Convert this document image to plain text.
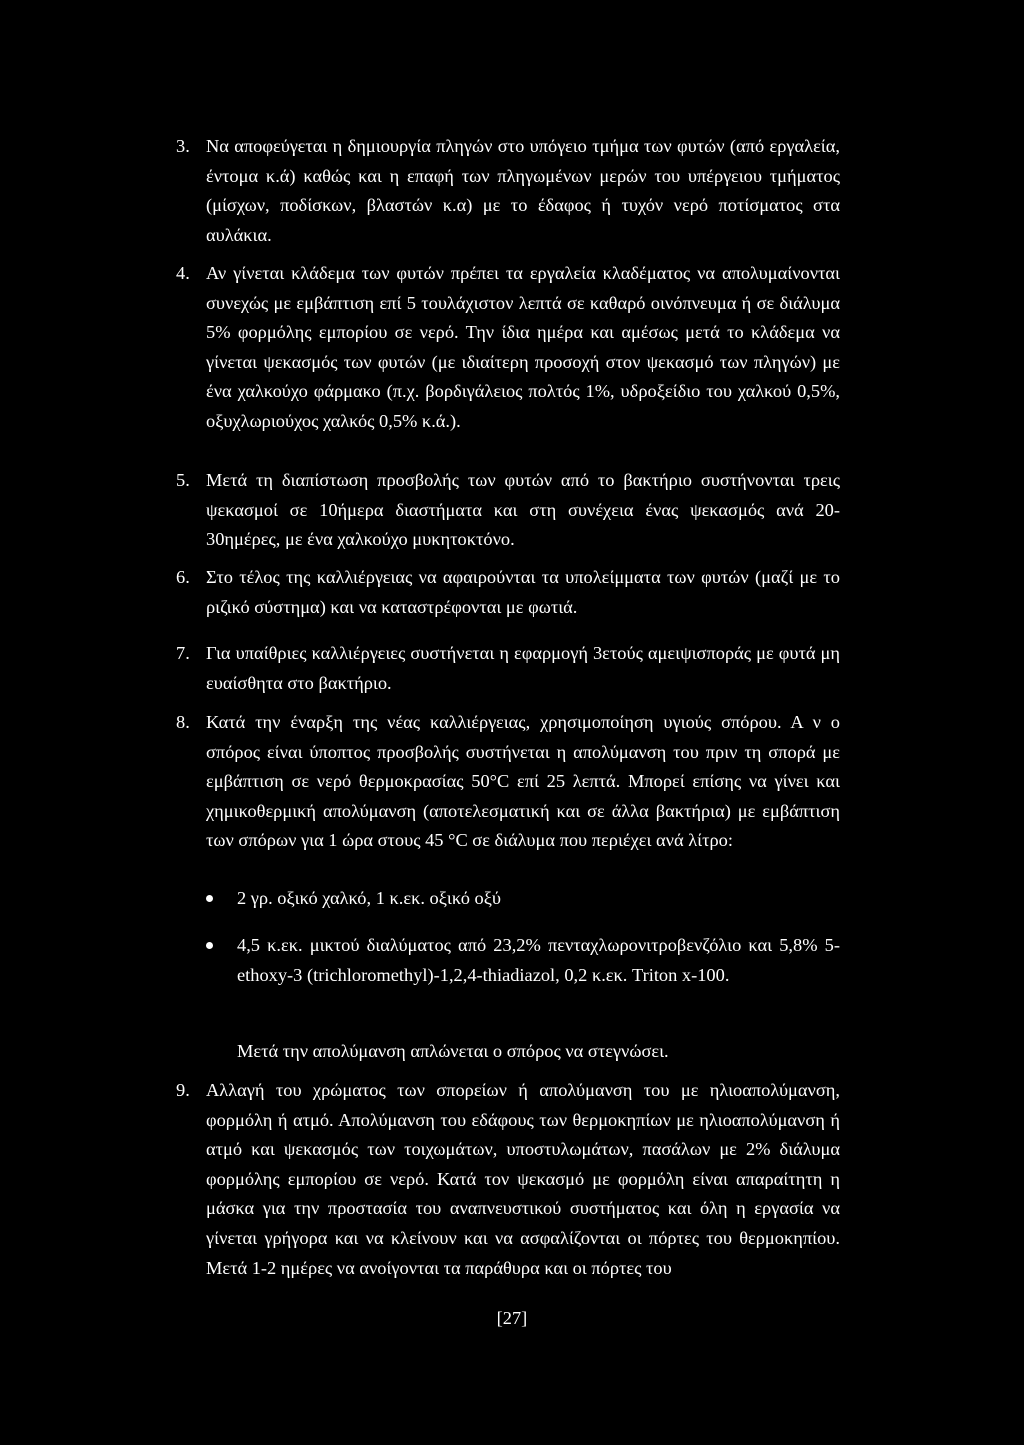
3. Να αποφεύγεται η δημιουργία πληγών στο υπόγειο τμήμα των φυτών (από εργαλεία, έντομα κ.ά) καθώς και η επαφή των πληγωμένων μερών του υπέργειου τμήματος (μίσχων, ποδίσκων, βλαστών κ.α) με το έδαφος ή τυχόν νερό ποτίσματος στα αυλάκια.
4. Αν γίνεται κλάδεμα των φυτών πρέπει τα εργαλεία κλαδέματος να απολυμαίνονται συνεχώς με εμβάπτιση επί 5 τουλάχιστον λεπτά σε καθαρό οινόπνευμα ή σε διάλυμα 5% φορμόλης εμπορίου σε νερό. Την ίδια ημέρα και αμέσως μετά το κλάδεμα να γίνεται ψεκασμός των φυτών (με ιδιαίτερη προσοχή στον ψεκασμό των πληγών) με ένα χαλκούχο φάρμακο (π.χ. βορδιγάλειος πολτός 1%, υδροξείδιο του χαλκού 0,5%, οξυχλωριούχος χαλκός 0,5% κ.ά.).
5. Μετά τη διαπίστωση προσβολής των φυτών από το βακτήριο συστήνονται τρεις ψεκασμοί σε 10ήμερα διαστήματα και στη συνέχεια ένας ψεκασμός ανά 20-30ημέρες, με ένα χαλκούχο μυκητοκτόνο.
6. Στο τέλος της καλλιέργειας να αφαιρούνται τα υπολείμματα των φυτών (μαζί με το ριζικό σύστημα) και να καταστρέφονται με φωτιά.
7. Για υπαίθριες καλλιέργειες συστήνεται η εφαρμογή 3ετούς αμειψισποράς με φυτά μη ευαίσθητα στο βακτήριο.
8. Κατά την έναρξη της νέας καλλιέργειας, χρησιμοποίηση υγιούς σπόρου. Α ν ο σπόρος είναι ύποπτος προσβολής συστήνεται η απολύμανση του πριν τη σπορά με εμβάπτιση σε νερό θερμοκρασίας 50°C επί 25 λεπτά. Μπορεί επίσης να γίνει και χημικοθερμική απολύμανση (αποτελεσματική και σε άλλα βακτήρια) με εμβάπτιση των σπόρων για 1 ώρα στους 45 °C σε διάλυμα που περιέχει ανά λίτρο:
2 γρ. οξικό χαλκό, 1 κ.εκ. οξικό οξύ
4,5 κ.εκ. μικτού διαλύματος από 23,2% πενταχλωρονιτροβενζόλιο και 5,8% 5-ethoxy-3 (trichloromethyl)-1,2,4-thiadiazol, 0,2 κ.εκ. Triton x-100.
Μετά την απολύμανση απλώνεται ο σπόρος να στεγνώσει.
9. Αλλαγή του χρώματος των σπορείων ή απολύμανση του με ηλιοαπολύμανση, φορμόλη ή ατμό. Απολύμανση του εδάφους των θερμοκηπίων με ηλιοαπολύμανση ή ατμό και ψεκασμός των τοιχωμάτων, υποστυλωμάτων, πασάλων με 2% διάλυμα φορμόλης εμπορίου σε νερό. Κατά τον ψεκασμό με φορμόλη είναι απαραίτητη η μάσκα για την προστασία του αναπνευστικού συστήματος και όλη η εργασία να γίνεται γρήγορα και να κλείνουν και να ασφαλίζονται οι πόρτες του θερμοκηπίου. Μετά 1-2 ημέρες να ανοίγονται τα παράθυρα και οι πόρτες του
[27]
